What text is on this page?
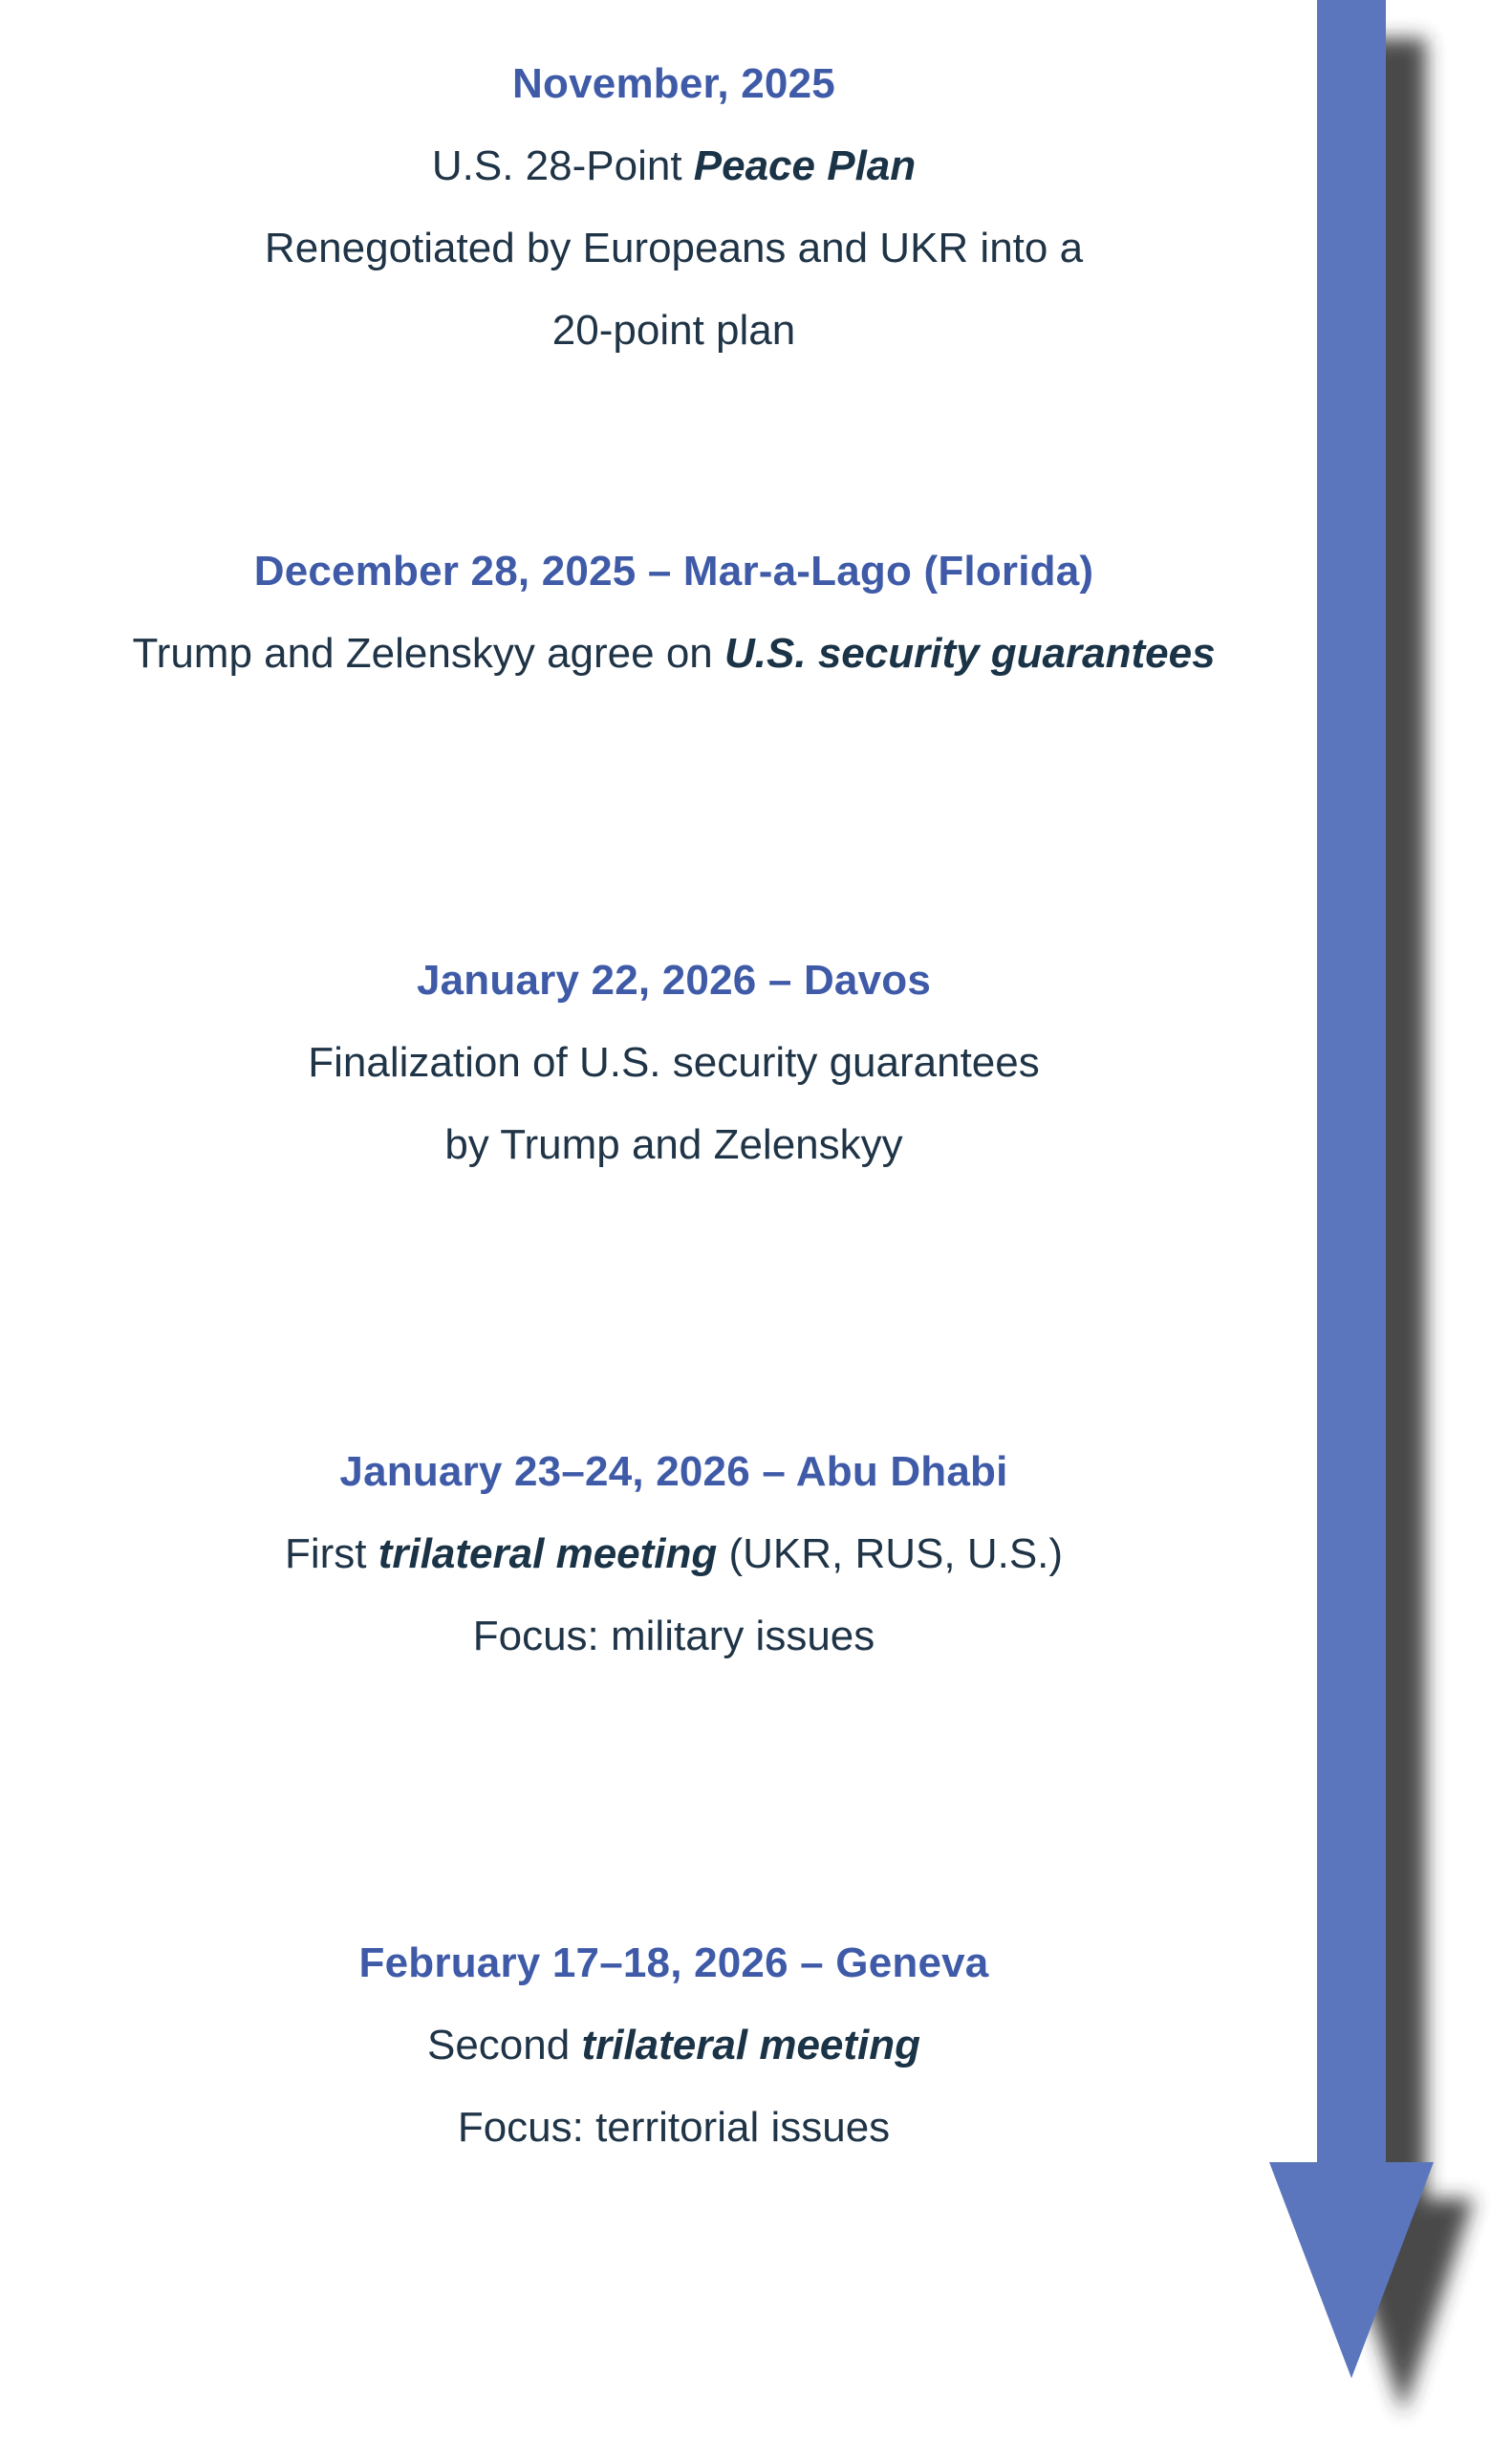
November, 2025
U.S. 28-Point Peace Plan
Renegotiated by Europeans and UKR into a
20-point plan
December 28, 2025 – Mar-a-Lago (Florida)
Trump and Zelenskyy agree on U.S. security guarantees
January 22, 2026 – Davos
Finalization of U.S. security guarantees
by Trump and Zelenskyy
January 23–24, 2026 – Abu Dhabi
First trilateral meeting (UKR, RUS, U.S.)
Focus: military issues
February 17–18, 2026 – Geneva
Second trilateral meeting
Focus: territorial issues
